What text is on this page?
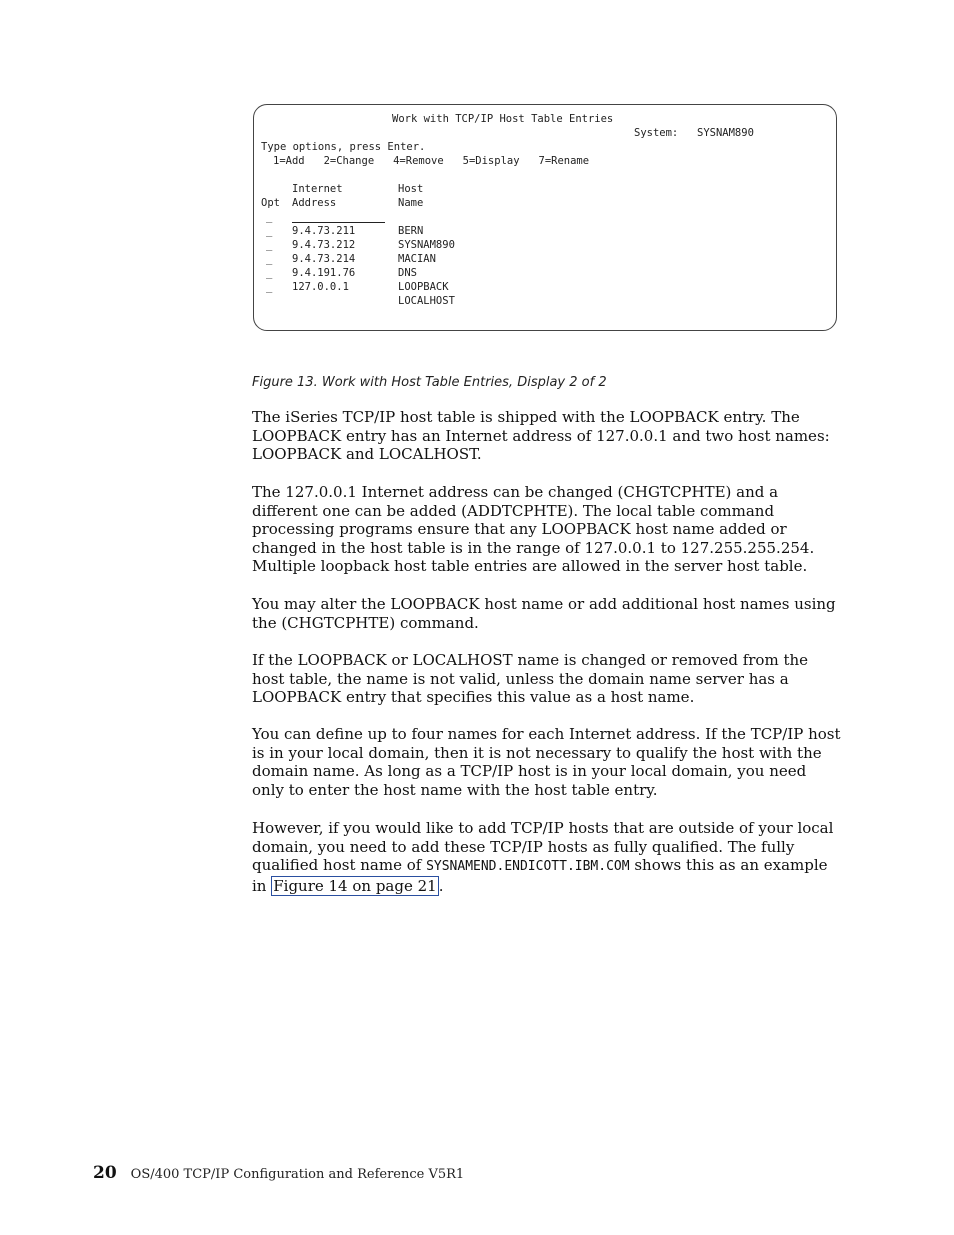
Work with TCP/IP Host Table Entries
System: SYSNAM890
Type options, press Enter.
1=Add   2=Change   4=Remove   5=Display   7=Rename
Internet	Host
Opt Address	Name
_
_ 9.4.73.211	BERN
_ 9.4.73.212	SYSNAM890
_ 9.4.73.214	MACIAN
_ 9.4.191.76	DNS
_ 127.0.0.1	LOOPBACK
LOCALHOST
Figure 13. Work with Host Table Entries, Display 2 of 2

The iSeries TCP/IP host table is shipped with the LOOPBACK entry. The LOOPBACK entry has an Internet address of 127.0.0.1 and two host names: LOOPBACK and LOCALHOST.

The 127.0.0.1 Internet address can be changed (CHGTCPHTE) and a different one can be added (ADDTCPHTE). The local table command processing programs ensure that any LOOPBACK host name added or changed in the host table is in the range of 127.0.0.1 to 127.255.255.254. Multiple loopback host table entries are allowed in the server host table.

You may alter the LOOPBACK host name or add additional host names using the (CHGTCPHTE) command.

If the LOOPBACK or LOCALHOST name is changed or removed from the host table, the name is not valid, unless the domain name server has a LOOPBACK entry that specifies this value as a host name.

You can define up to four names for each Internet address. If the TCP/IP host is in your local domain, then it is not necessary to qualify the host with the domain name. As long as a TCP/IP host is in your local domain, you need only to enter the host name with the host table entry.

However, if you would like to add TCP/IP hosts that are outside of your local domain, you need to add these TCP/IP hosts as fully qualified. The fully qualified host name of SYSNAMEND.ENDICOTT.IBM.COM shows this as an example in Figure 14 on page 21 .

20 OS/400 TCP/IP Configuration and Reference V5R1
